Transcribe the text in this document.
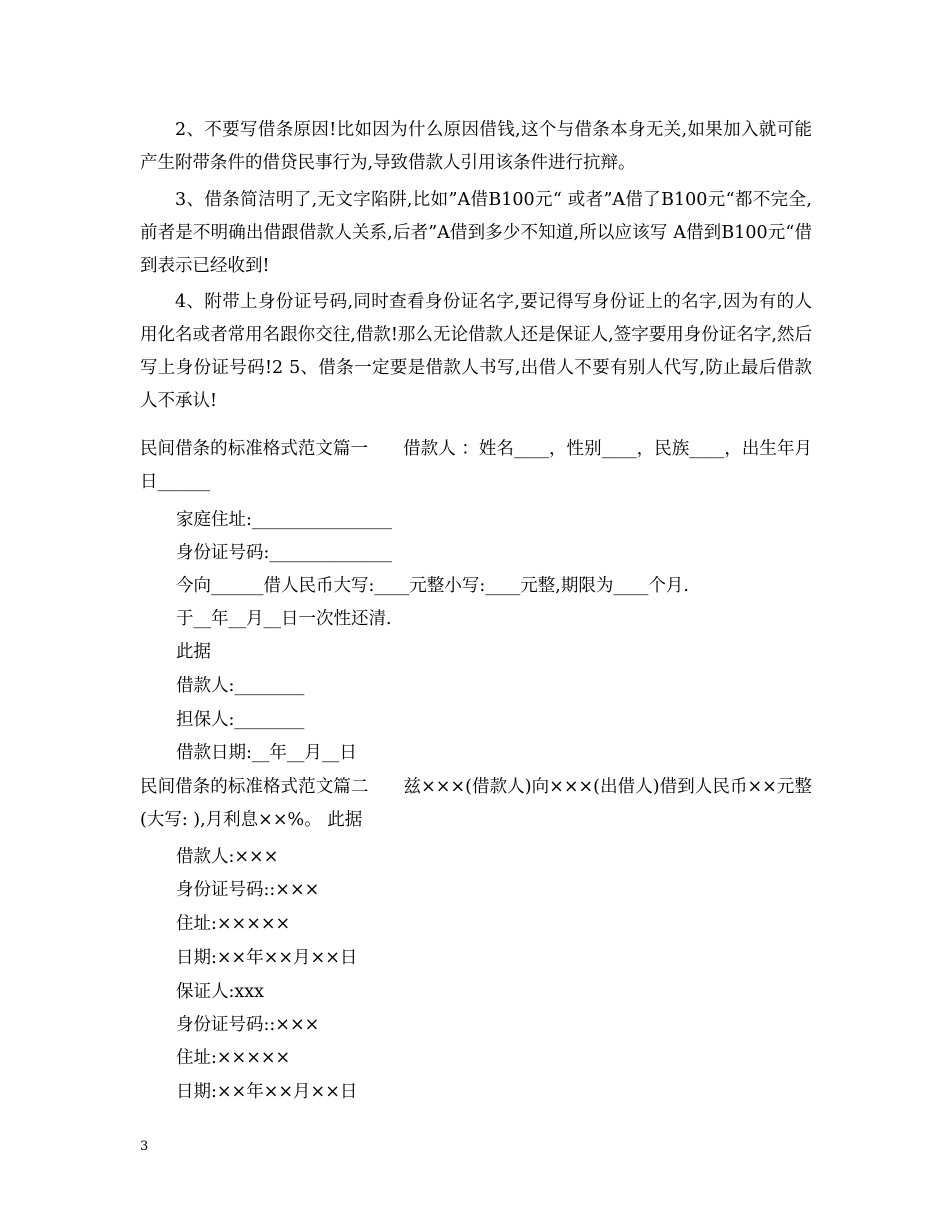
2、不要写借条原因!比如因为什么原因借钱,这个与借条本身无关,如果加入就可能产生附带条件的借贷民事行为,导致借款人引用该条件进行抗辩。

3、借条简洁明了,无文字陷阱,比如”A借B100元“ 或者”A借了B100元“都不完全,前者是不明确出借跟借款人关系,后者”A借到多少不知道,所以应该写 A借到B100元“借到表示已经收到!

4、附带上身份证号码,同时查看身份证名字,要记得写身份证上的名字,因为有的人用化名或者常用名跟你交往,借款!那么无论借款人还是保证人,签字要用身份证名字,然后写上身份证号码!2 5、借条一定要是借款人书写,出借人不要有别人代写,防止最后借款人不承认!

民间借条的标准格式范文篇一　　借款人 ：姓名____，性别____，民族____，出生年月日______

家庭住址:________________

身份证号码:______________

今向______借人民币大写:____元整小写:____元整,期限为____个月.

于__年__月__日一次性还清.

此据

借款人:________

担保人:________

借款日期:__年__月__日

民间借条的标准格式范文篇二　　兹×××(借款人)向×××(出借人)借到人民币××元整(大写: ),月利息××%。 此据

借款人:×××

身份证号码::×××

住址:×××××

日期:××年××月××日

保证人:xxx

身份证号码::×××

住址:×××××

日期:××年××月××日

3
